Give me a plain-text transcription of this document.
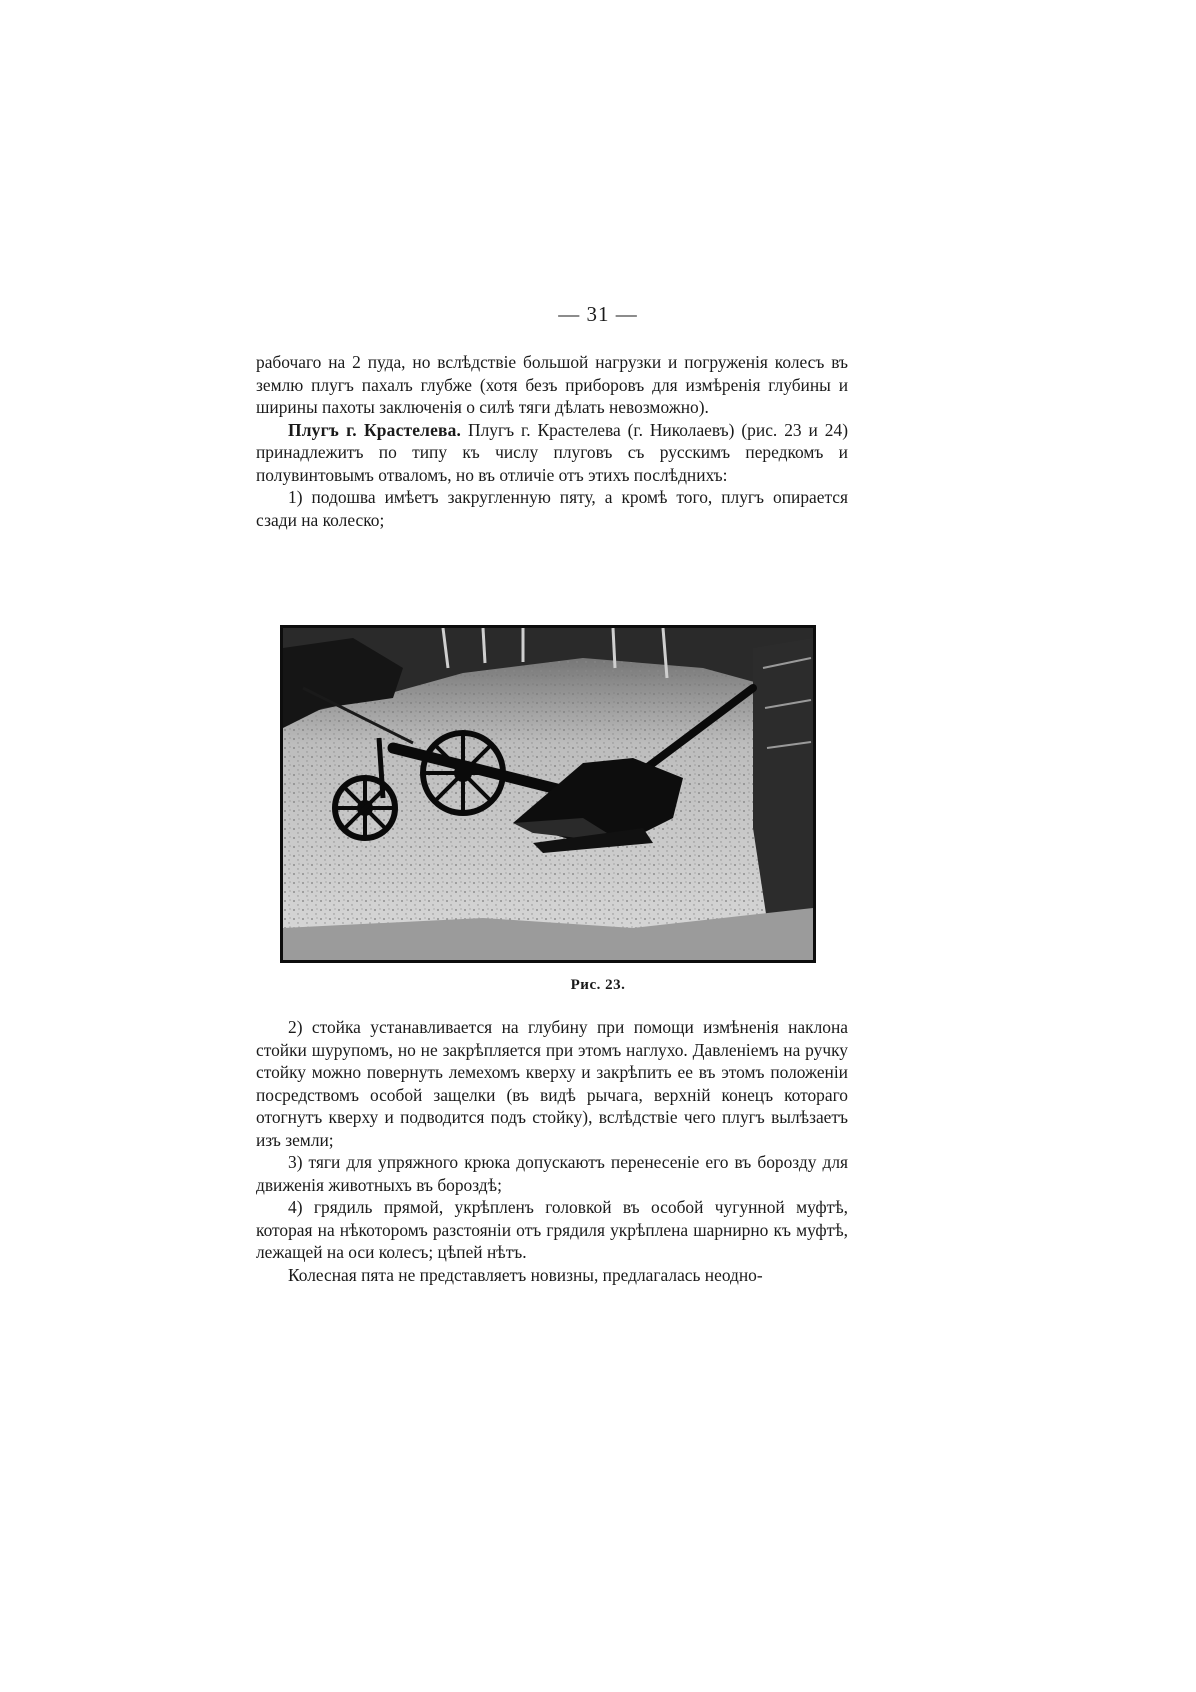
— 31 —

рабочаго на 2 пуда, но вслѣдствіе большой нагрузки и погруженія колесъ въ землю плугъ пахалъ глубже (хотя безъ приборовъ для измѣренія глубины и ширины пахоты заключенія о силѣ тяги дѣлать невозможно).

Плугъ г. Крастелева. Плугъ г. Крастелева (г. Николаевъ) (рис. 23 и 24) принадлежитъ по типу къ числу плуговъ съ русскимъ передкомъ и полувинтовымъ отваломъ, но въ отличіе отъ этихъ послѣднихъ:

1) подошва имѣетъ закругленную пяту, а кромѣ того, плугъ опирается сзади на колеско;

Рис. 23.

2) стойка устанавливается на глубину при помощи измѣненія наклона стойки шурупомъ, но не закрѣпляется при этомъ наглухо. Давленіемъ на ручку стойку можно повернуть лемехомъ кверху и закрѣпить ее въ этомъ положеніи посредствомъ особой защелки (въ видѣ рычага, верхній конецъ котораго отогнутъ кверху и подводится подъ стойку), вслѣдствіе чего плугъ вылѣзаетъ изъ земли;

3) тяги для упряжного крюка допускаютъ перенесеніе его въ борозду для движенія животныхъ въ бороздѣ;

4) грядиль прямой, укрѣпленъ головкой въ особой чугунной муфтѣ, которая на нѣкоторомъ разстояніи отъ грядиля укрѣплена шарнирно къ муфтѣ, лежащей на оси колесъ; цѣпей нѣтъ.

Колесная пята не представляетъ новизны, предлагалась неодно-
